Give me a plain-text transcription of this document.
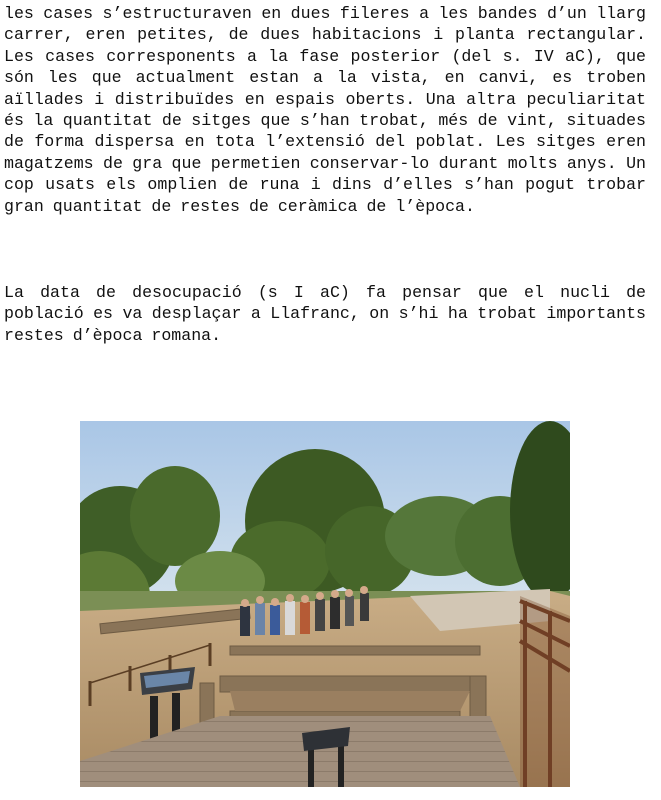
les cases s’estructuraven en dues fileres a les bandes d’un llarg carrer, eren petites, de dues habitacions i planta rectangular. Les cases corresponents a la fase posterior (del s. IV aC), que són les que actualment estan a la vista, en canvi, es troben aïllades i distribuïdes en espais oberts. Una altra peculiaritat és la quantitat de sitges que s’han trobat, més de vint, situades de forma dispersa en tota l’extensió del poblat. Les sitges eren magatzems de gra que permetien conservar-lo durant molts anys. Un cop usats els omplien de runa i dins d’elles s’han pogut trobar gran quantitat de restes de ceràmica de l’època.

La data de desocupació (s I aC) fa pensar que el nucli de població es va desplaçar a Llafranc, on s’hi ha trobat importants restes d’època romana.
